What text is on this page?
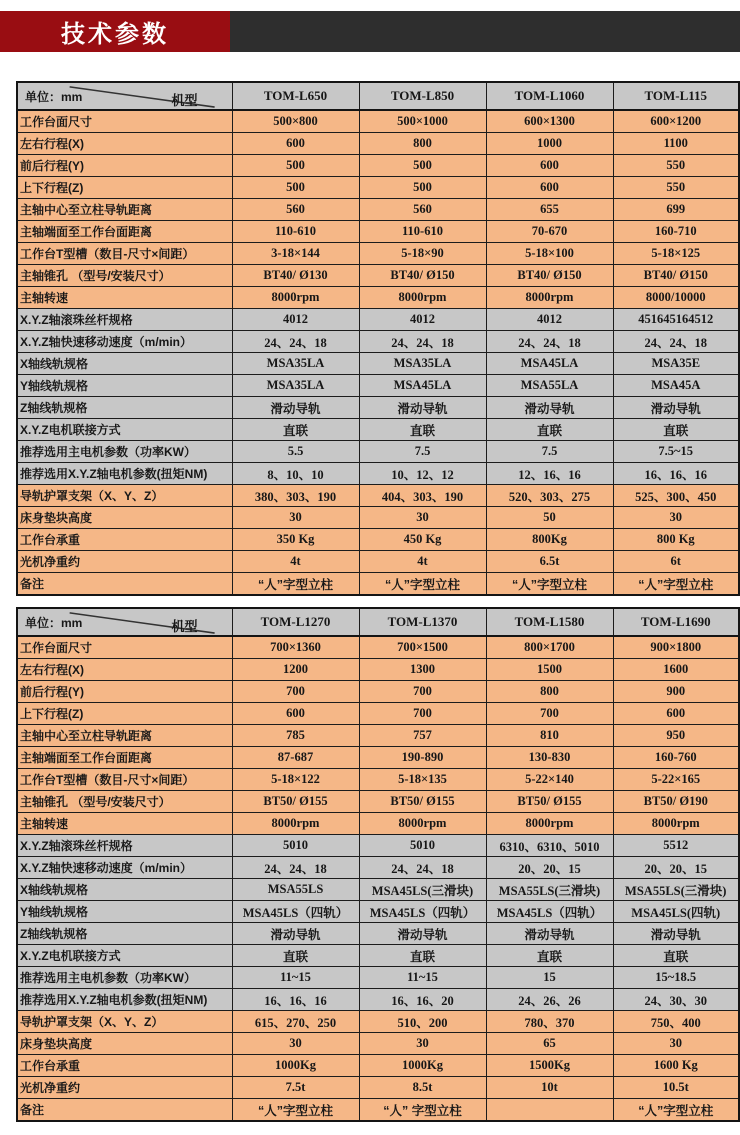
技术参数
单位：mm 机型	TOM-L650	TOM-L850	TOM-L1060	TOM-L115
工作台面尺寸	500×800	500×1000	600×1300	600×1200
左右行程(X)	600	800	1000	1100
前后行程(Y)	500	500	600	550
上下行程(Z)	500	500	600	550
主轴中心至立柱导轨距离	560	560	655	699
主轴端面至工作台面距离	110-610	110-610	70-670	160-710
工作台T型槽（数目-尺寸×间距）	3-18×144	5-18×90	5-18×100	5-18×125
主轴锥孔 （型号/安装尺寸）	BT40/ Ø130	BT40/ Ø150	BT40/ Ø150	BT40/ Ø150
主轴转速	8000rpm	8000rpm	8000rpm	8000/10000
X.Y.Z轴滚珠丝杆规格	4012	4012	4012	451645164512
X.Y.Z轴快速移动速度（m/min）	24、24、18	24、24、18	24、24、18	24、24、18
X轴线轨规格	MSA35LA	MSA35LA	MSA45LA	MSA35E
Y轴线轨规格	MSA35LA	MSA45LA	MSA55LA	MSA45A
Z轴线轨规格	滑动导轨	滑动导轨	滑动导轨	滑动导轨
X.Y.Z电机联接方式	直联	直联	直联	直联
推荐选用主电机参数（功率KW）	5.5	7.5	7.5	7.5~15
推荐选用X.Y.Z轴电机参数(扭矩NM)	8、10、10	10、12、12	12、16、16	16、16、16
导轨护罩支架（X、Y、Z）	380、303、190	404、303、190	520、303、275	525、300、450
床身垫块高度	30	30	50	30
工作台承重	350 Kg	450 Kg	800Kg	800 Kg
光机净重约	4t	4t	6.5t	6t
备注	“人”字型立柱	“人”字型立柱	“人”字型立柱	“人”字型立柱
单位：mm 机型	TOM-L1270	TOM-L1370	TOM-L1580	TOM-L1690
工作台面尺寸	700×1360	700×1500	800×1700	900×1800
左右行程(X)	1200	1300	1500	1600
前后行程(Y)	700	700	800	900
上下行程(Z)	600	700	700	600
主轴中心至立柱导轨距离	785	757	810	950
主轴端面至工作台面距离	87-687	190-890	130-830	160-760
工作台T型槽（数目-尺寸×间距）	5-18×122	5-18×135	5-22×140	5-22×165
主轴锥孔 （型号/安装尺寸）	BT50/ Ø155	BT50/ Ø155	BT50/ Ø155	BT50/ Ø190
主轴转速	8000rpm	8000rpm	8000rpm	8000rpm
X.Y.Z轴滚珠丝杆规格	5010	5010	6310、6310、5010	5512
X.Y.Z轴快速移动速度（m/min）	24、24、18	24、24、18	20、20、15	20、20、15
X轴线轨规格	MSA55LS	MSA45LS(三滑块)	MSA55LS(三滑块)	MSA55LS(三滑块)
Y轴线轨规格	MSA45LS（四轨）	MSA45LS（四轨）	MSA45LS（四轨）	MSA45LS(四轨)
Z轴线轨规格	滑动导轨	滑动导轨	滑动导轨	滑动导轨
X.Y.Z电机联接方式	直联	直联	直联	直联
推荐选用主电机参数（功率KW）	11~15	11~15	15	15~18.5
推荐选用X.Y.Z轴电机参数(扭矩NM)	16、16、16	16、16、20	24、26、26	24、30、30
导轨护罩支架（X、Y、Z）	615、270、250	510、200	780、370	750、400
床身垫块高度	30	30	65	30
工作台承重	1000Kg	1000Kg	1500Kg	1600 Kg
光机净重约	7.5t	8.5t	10t	10.5t
备注	“人”字型立柱	“人” 字型立柱		“人”字型立柱
